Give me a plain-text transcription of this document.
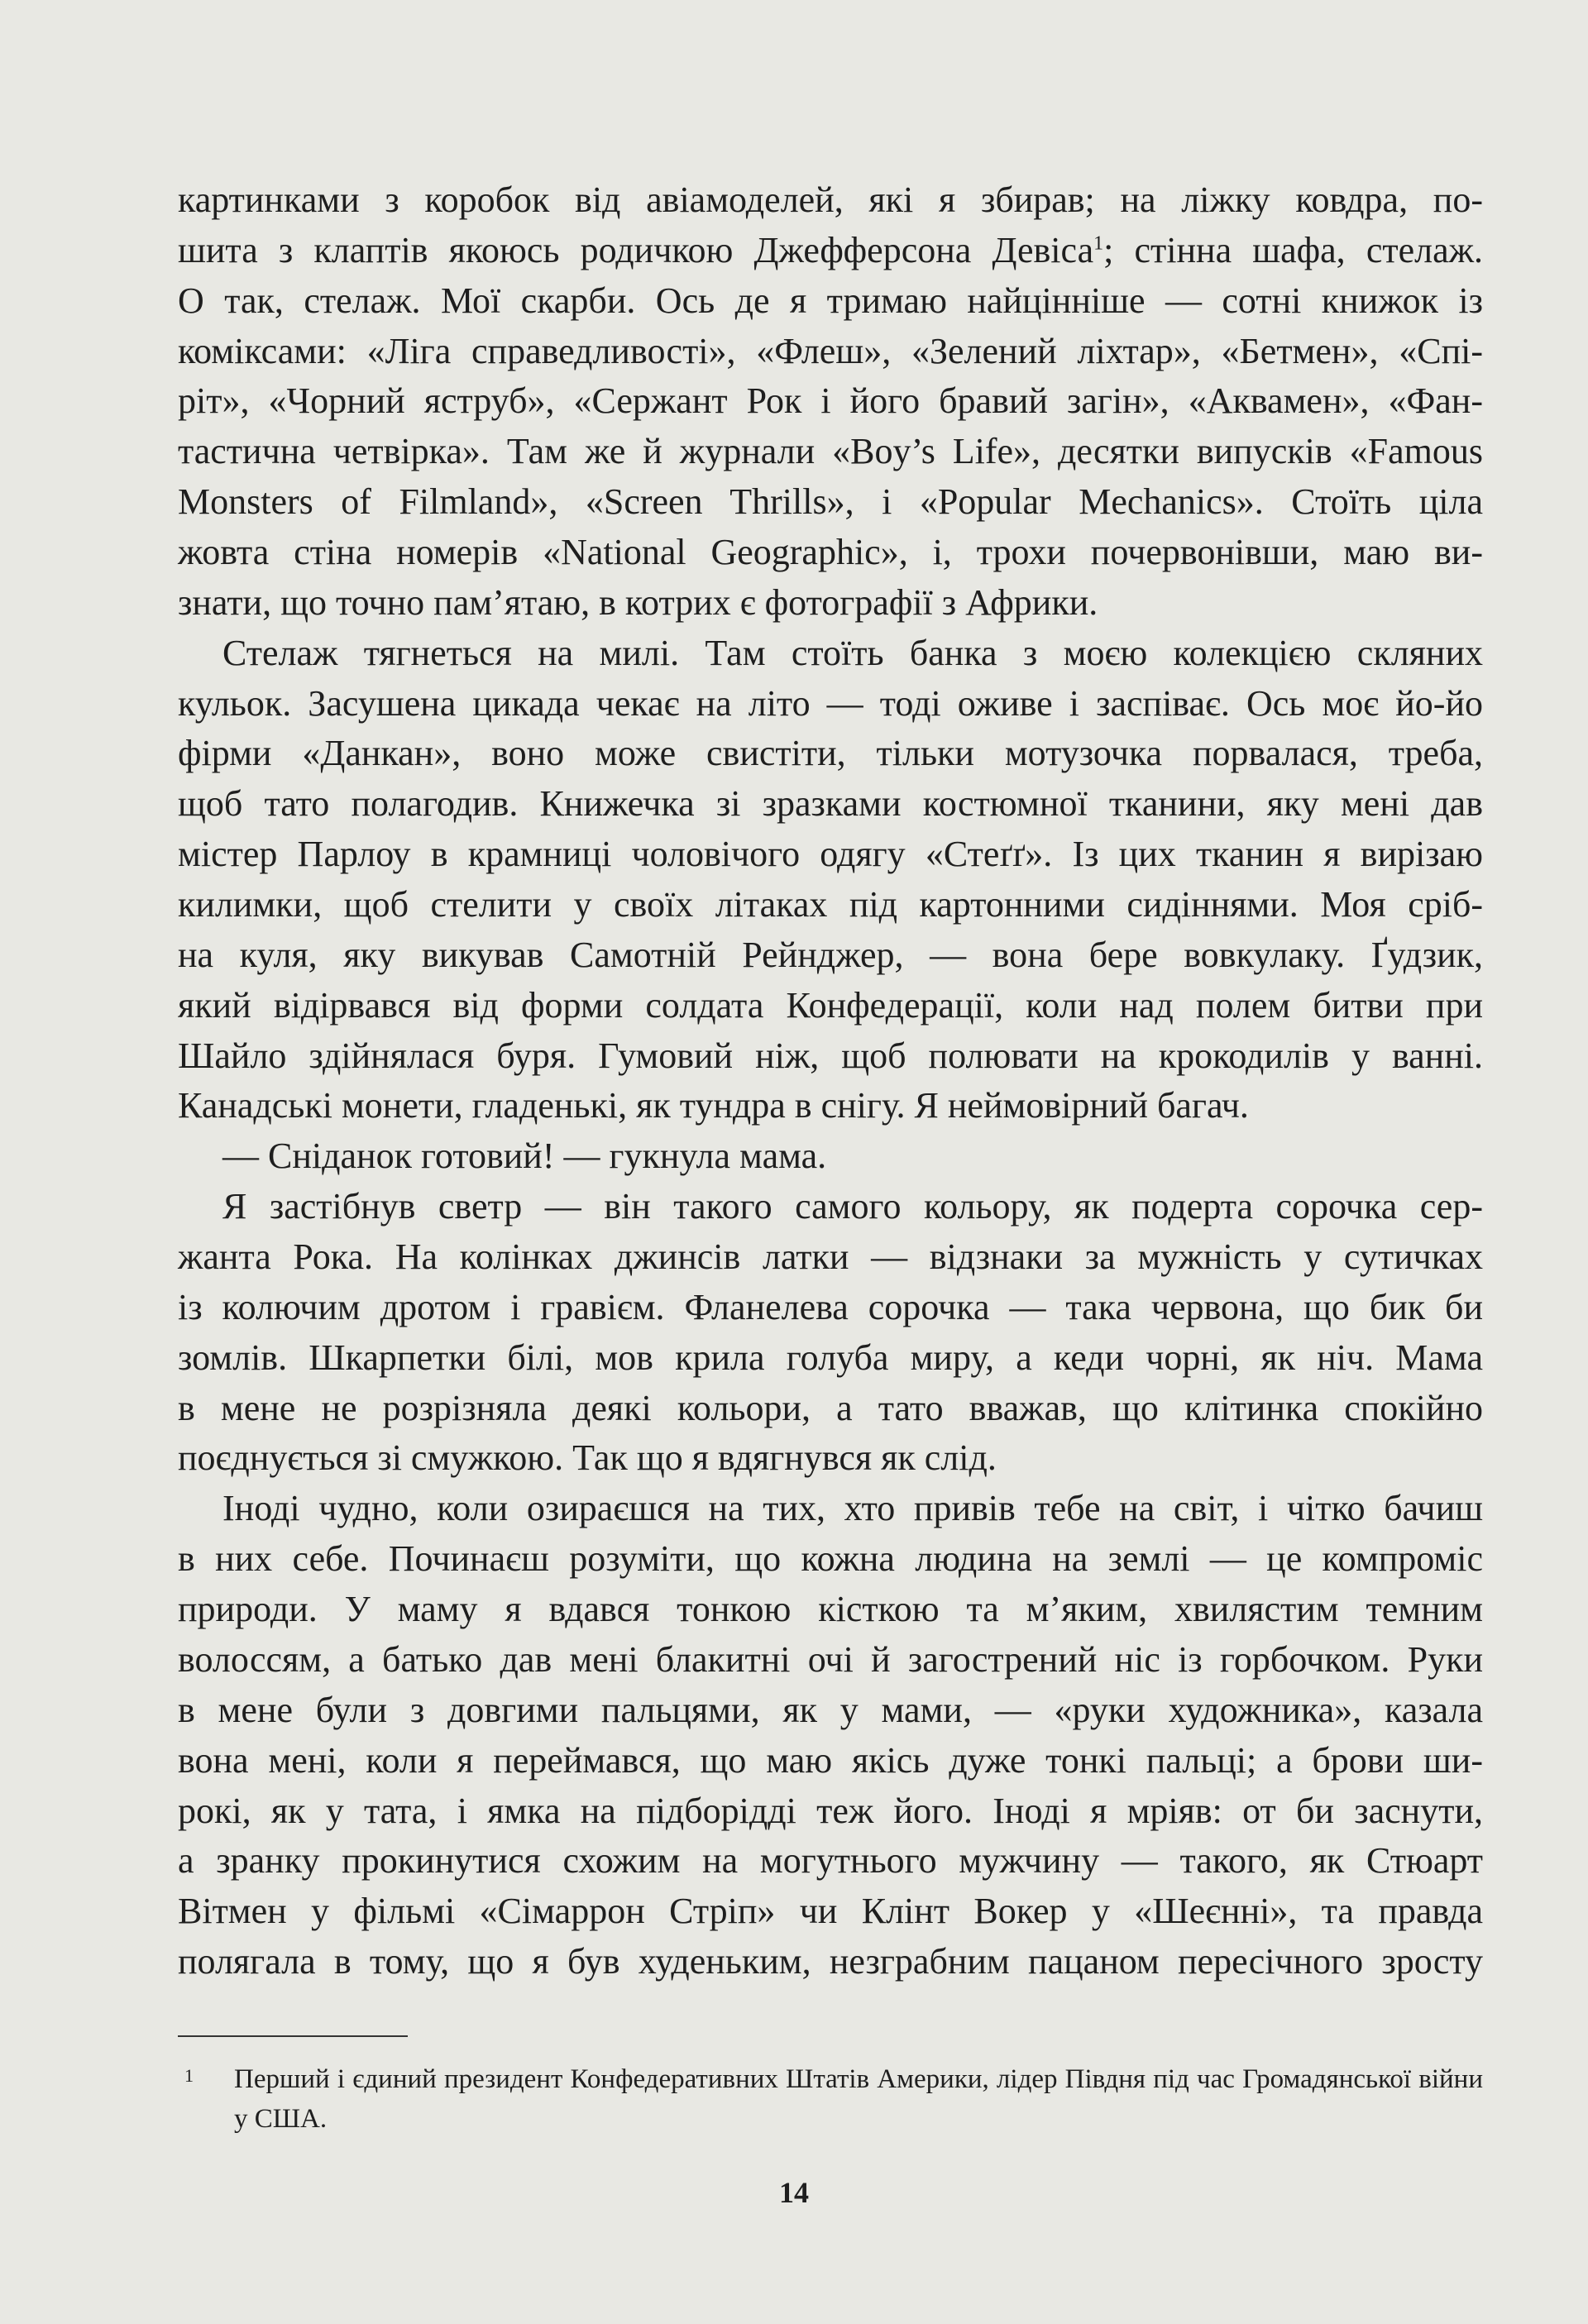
картинками з коробок від авіамоделей, які я збирав; на ліжку ковдра, по-
шита з клаптів якоюсь родичкою Джефферсона Девіса$^1$; стінна шафа, стелаж.
О так, стелаж. Мої скарби. Ось де я тримаю найцінніше — сотні книжок із
коміксами: «Ліга справедливості», «Флеш», «Зелений ліхтар», «Бетмен», «Спі-
ріт», «Чорний яструб», «Сержант Рок і його бравий загін», «Аквамен», «Фан-
тастична четвірка». Там же й журнали «Boy’s Life», десятки випусків «Famous
Monsters of Filmland», «Screen Thrills», і «Popular Mechanics». Стоїть ціла
жовта стіна номерів «National Geographic», і, трохи почервонівши, маю ви-
знати, що точно пам’ятаю, в котрих є фотографії з Африки.
Стелаж тягнеться на милі. Там стоїть банка з моєю колекцією скляних
кульок. Засушена цикада чекає на літо — тоді оживе і заспіває. Ось моє йо-йо
фірми «Данкан», воно може свистіти, тільки мотузочка порвалася, треба,
щоб тато полагодив. Книжечка зі зразками костюмної тканини, яку мені дав
містер Парлоу в крамниці чоловічого одягу «Стеґґ». Із цих тканин я вирізаю
килимки, щоб стелити у своїх літаках під картонними сидіннями. Моя сріб-
на куля, яку викував Самотній Рейнджер, — вона бере вовкулаку. Ґудзик,
який відірвався від форми солдата Конфедерації, коли над полем битви при
Шайло здійнялася буря. Гумовий ніж, щоб полювати на крокодилів у ванні.
Канадські монети, гладенькі, як тундра в снігу. Я неймовірний багач.
— Сніданок готовий! — гукнула мама.
Я застібнув светр — він такого самого кольору, як подерта сорочка сер-
жанта Рока. На колінках джинсів латки — відзнаки за мужність у сутичках
із колючим дротом і гравієм. Фланелева сорочка — така червона, що бик би
зомлів. Шкарпетки білі, мов крила голуба миру, а кеди чорні, як ніч. Мама
в мене не розрізняла деякі кольори, а тато вважав, що клітинка спокійно
поєднується зі смужкою. Так що я вдягнувся як слід.
Іноді чудно, коли озираєшся на тих, хто привів тебе на світ, і чітко бачиш
в них себе. Починаєш розуміти, що кожна людина на землі — це компроміс
природи. У маму я вдався тонкою кісткою та м’яким, хвилястим темним
волоссям, а батько дав мені блакитні очі й загострений ніс із горбочком. Руки
в мене були з довгими пальцями, як у мами, — «руки художника», казала
вона мені, коли я переймався, що маю якісь дуже тонкі пальці; а брови ши-
рокі, як у тата, і ямка на підборідді теж його. Іноді я мріяв: от би заснути,
а зранку прокинутися схожим на могутнього мужчину — такого, як Стюарт
Вітмен у фільмі «Сімаррон Стріп» чи Клінт Вокер у «Шеєнні», та правда
полягала в тому, що я був худеньким, незграбним пацаном пересічного зросту
1 Перший і єдиний президент Конфедеративних Штатів Америки, лідер Півдня під час Громадянської війни у США.
14
